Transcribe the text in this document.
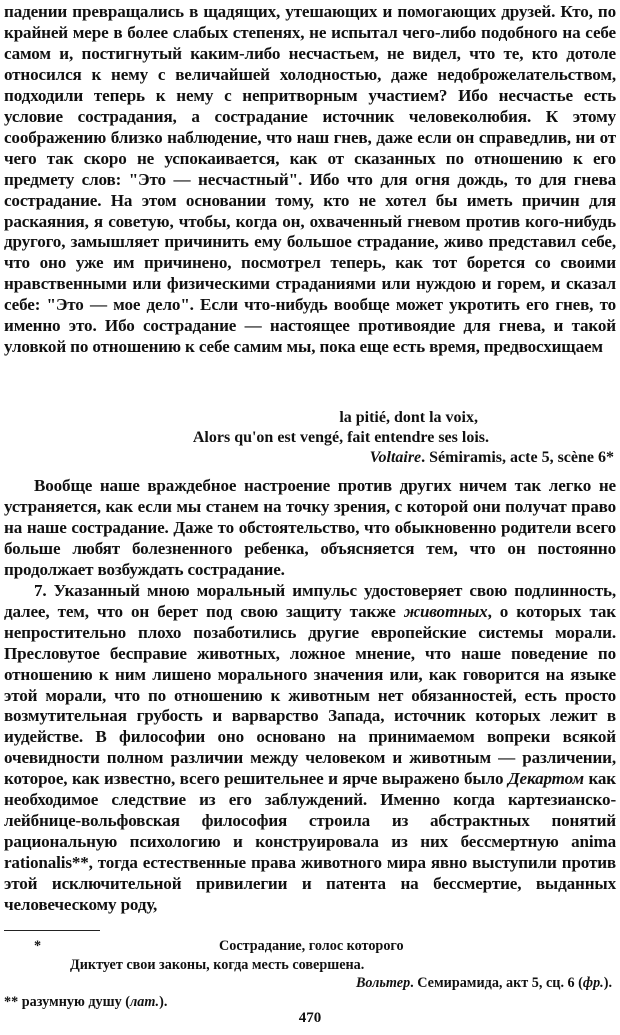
падении превращались в щадящих, утешающих и помогающих друзей. Кто, по крайней мере в более слабых степенях, не испытал чего-либо подобного на себе самом и, постигнутый каким-либо несчастьем, не видел, что те, кто дотоле относился к нему с величайшей холодностью, даже недоброжелательством, подходили теперь к нему с непритворным участием? Ибо несчастье есть условие сострадания, а сострадание источник человеколюбия. К этому соображению близко наблюдение, что наш гнев, даже если он справедлив, ни от чего так скоро не успокаивается, как от сказанных по отношению к его предмету слов: "Это — несчастный". Ибо что для огня дождь, то для гнева сострадание. На этом основании тому, кто не хотел бы иметь причин для раскаяния, я советую, чтобы, когда он, охваченный гневом против кого-нибудь другого, замышляет причинить ему большое страдание, живо представил себе, что оно уже им причинено, посмотрел теперь, как тот борется со своими нравственными или физическими страданиями или нуждою и горем, и сказал себе: "Это — мое дело". Если что-нибудь вообще может укротить его гнев, то именно это. Ибо сострадание — настоящее противоядие для гнева, и такой уловкой по отношению к себе самим мы, пока еще есть время, предвосхищаем

la pitié, dont la voix,
Alors qu'on est vengé, fait entendre ses lois.
Voltaire. Sémiramis, acte 5, scène 6*

Вообще наше враждебное настроение против других ничем так легко не устраняется, как если мы станем на точку зрения, с которой они получат право на наше сострадание. Даже то обстоятельство, что обыкновенно родители всего больше любят болезненного ребенка, объясняется тем, что он постоянно продолжает возбуждать сострадание.

7. Указанный мною моральный импульс удостоверяет свою подлинность, далее, тем, что он берет под свою защиту также животных, о которых так непростительно плохо позаботились другие европейские системы морали. Пресловутое бесправие животных, ложное мнение, что наше поведение по отношению к ним лишено морального значения или, как говорится на языке этой морали, что по отношению к животным нет обязанностей, есть просто возмутительная грубость и варварство Запада, источник которых лежит в иудействе. В философии оно основано на принимаемом вопреки всякой очевидности полном различии между человеком и животным — различении, которое, как известно, всего решительнее и ярче выражено было Декартом как необходимое следствие из его заблуждений. Именно когда картезианско-лейбнице-вольфовская философия строила из абстрактных понятий рациональную психологию и конструировала из них бессмертную anima rationalis**, тогда естественные права животного мира явно выступили против этой исключительной привилегии и патента на бессмертие, выданных человеческому роду,

*	Сострадание, голос которого
Диктует свои законы, когда месть совершена.
Вольтер. Семирамида, акт 5, сц. 6 (фр.).
** разумную душу (лат.).
470
